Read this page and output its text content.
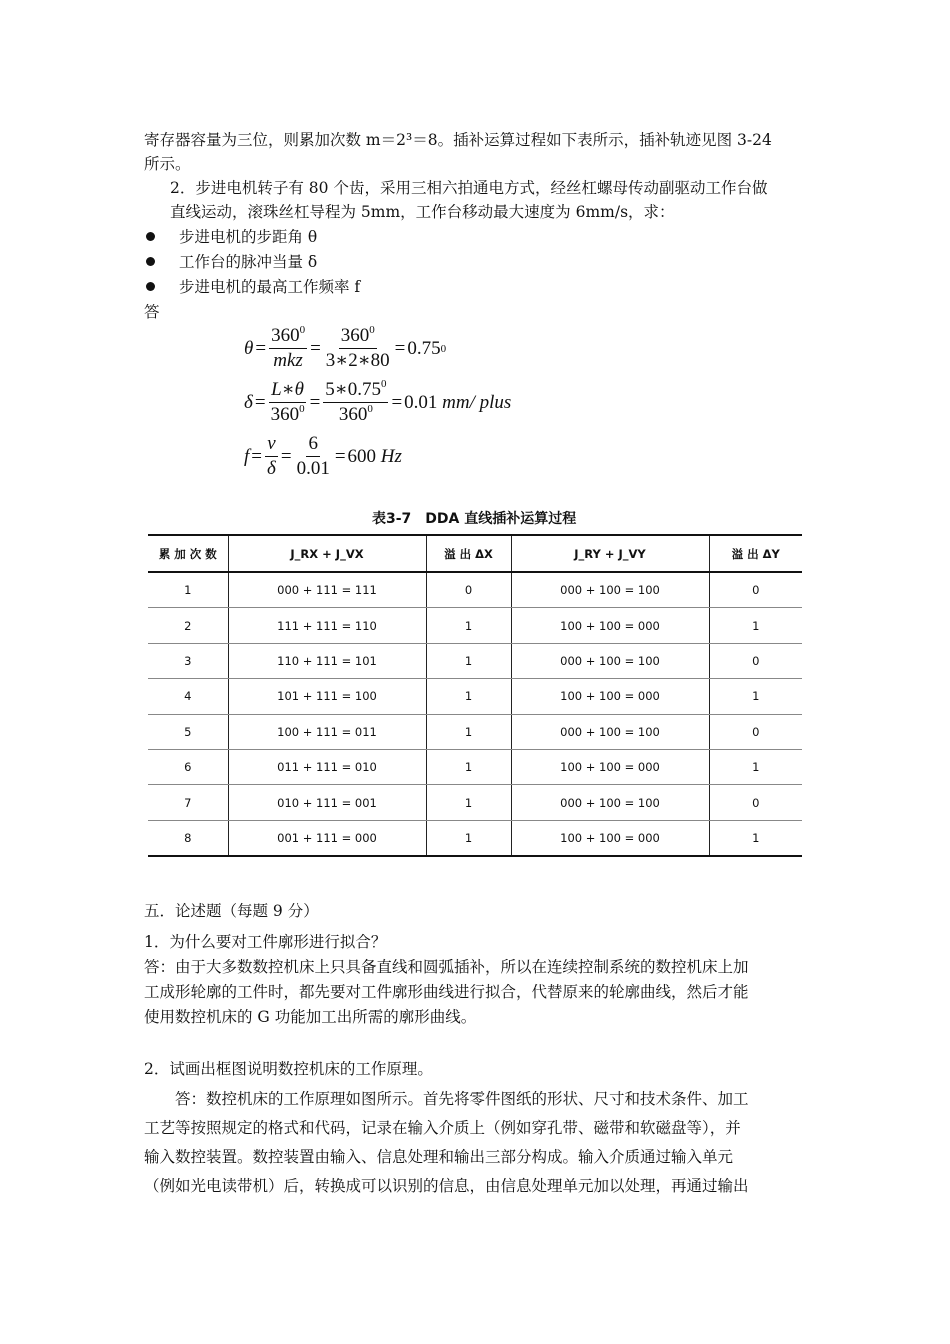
寄存器容量为三位，则累加次数 m＝2³＝8。插补运算过程如下表所示，插补轨迹见图 3-24
所示。
2．步进电机转子有 80 个齿，采用三相六拍通电方式，经丝杠螺母传动副驱动工作台做
直线运动，滚珠丝杠导程为 5mm，工作台移动最大速度为 6mm/s，求：
步进电机的步距角 θ
工作台的脉冲当量 δ
步进电机的最高工作频率 f
答
$\theta = \frac{360^0}{\text{mkz}} = \frac{360^0}{3∗2∗80} = 0.75$ 0
$\delta = \frac{L∗\theta}{360^0} = \frac{5∗0.75^0}{360^0} = 0.01$
mm/ plus
$f = \frac{v}{\delta} = \frac{6}{0.01} = 600$
Hz
表3-7 DDA 直线插补运算过程
累 加 次 数	J_RX + J_VX	溢 出 ΔX	J_RY + J_VY	溢 出 ΔY
1	000 + 111 = 111	0	000 + 100 = 100	0
2	111 + 111 = 110	1	100 + 100 = 000	1
3	110 + 111 = 101	1	000 + 100 = 100	0
4	101 + 111 = 100	1	100 + 100 = 000	1
5	100 + 111 = 011	1	000 + 100 = 100	0
6	011 + 111 = 010	1	100 + 100 = 000	1
7	010 + 111 = 001	1	000 + 100 = 100	0
8	001 + 111 = 000	1	100 + 100 = 000	1
五．论述题（每题 9 分）
1．为什么要对工件廓形进行拟合？
答：由于大多数数控机床上只具备直线和圆弧插补，所以在连续控制系统的数控机床上加
工成形轮廓的工件时，都先要对工件廓形曲线进行拟合，代替原来的轮廓曲线，然后才能
使用数控机床的 G 功能加工出所需的廓形曲线。
2．试画出框图说明数控机床的工作原理。
　　答：数控机床的工作原理如图所示。首先将零件图纸的形状、尺寸和技术条件、加工
工艺等按照规定的格式和代码，记录在输入介质上（例如穿孔带、磁带和软磁盘等），并
输入数控装置。数控装置由输入、信息处理和输出三部分构成。输入介质通过输入单元
（例如光电读带机）后，转换成可以识别的信息，由信息处理单元加以处理，再通过输出
